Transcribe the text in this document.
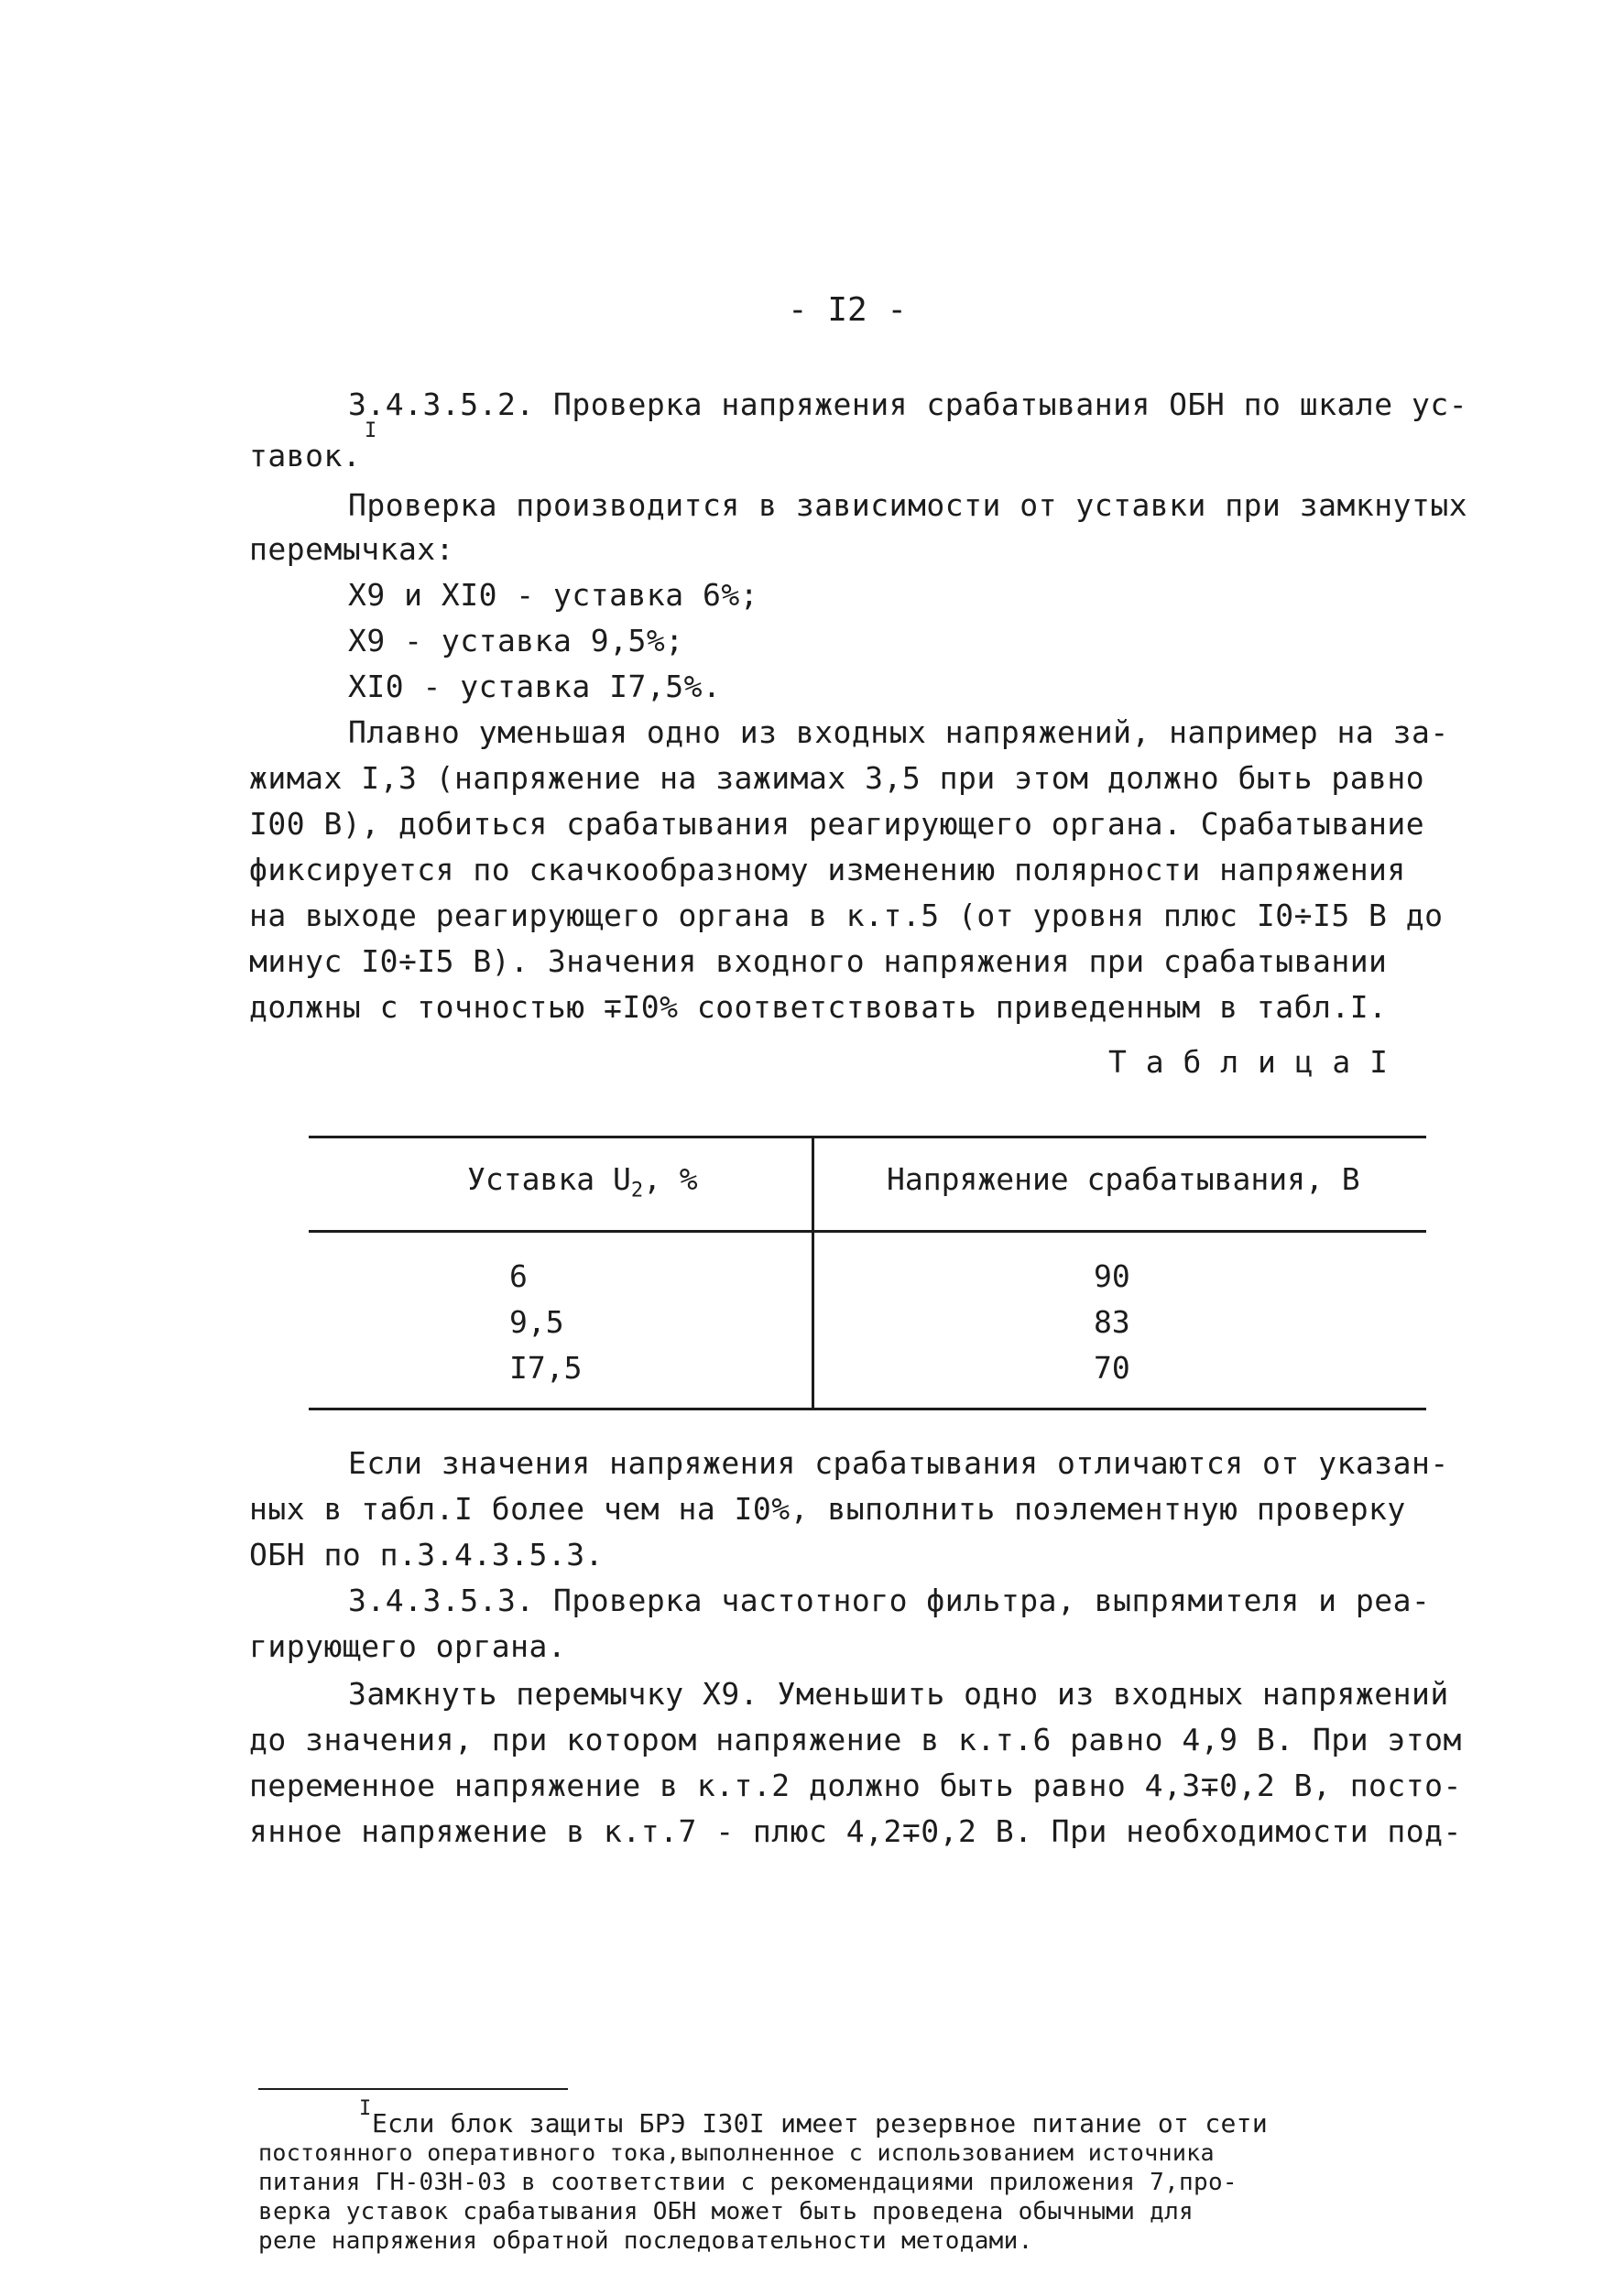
- I2 -
3.4.3.5.2. Проверка напряжения срабатывания ОБН по шкале ус-
тавок.
I
Проверка производится в зависимости от уставки при замкнутых
перемычках:
X9 и XI0 - уставка 6%;
X9 - уставка 9,5%;
XI0 - уставка I7,5%.
Плавно уменьшая одно из входных напряжений, например на за-
жимах I,3 (напряжение на зажимах 3,5 при этом должно быть равно
I00 В), добиться срабатывания реагирующего органа. Срабатывание
фиксируется по скачкообразному изменению полярности напряжения
на выходе реагирующего органа в к.т.5 (от уровня плюс I0÷I5 В до
минус I0÷I5 В). Значения входного напряжения при срабатывании
должны с точностью ∓I0% соответствовать приведенным в табл.I.
Т а б л и ц а I
Уставка $U_2$, %	Напряжение срабатывания, В
6	90
9,5	83
I7,5	70
Если значения напряжения срабатывания отличаются от указан-
ных в табл.I более чем на I0%, выполнить поэлементную проверку
ОБН по п.3.4.3.5.3.
3.4.3.5.3. Проверка частотного фильтра, выпрямителя и реа-
гирующего органа.
Замкнуть перемычку X9. Уменьшить одно из входных напряжений
до значения, при котором напряжение в к.т.6 равно 4,9 В. При этом
переменное напряжение в к.т.2 должно быть равно 4,3∓0,2 В, посто-
янное напряжение в к.т.7 - плюс 4,2∓0,2 В. При необходимости под-
I Если блок защиты БРЭ I30I имеет резервное питание от сети
постоянного оперативного тока,выполненное с использованием источника
питания ГН-03Н-03 в соответствии с рекомендациями приложения 7,про-
верка уставок срабатывания ОБН может быть проведена обычными для
реле напряжения обратной последовательности методами.
